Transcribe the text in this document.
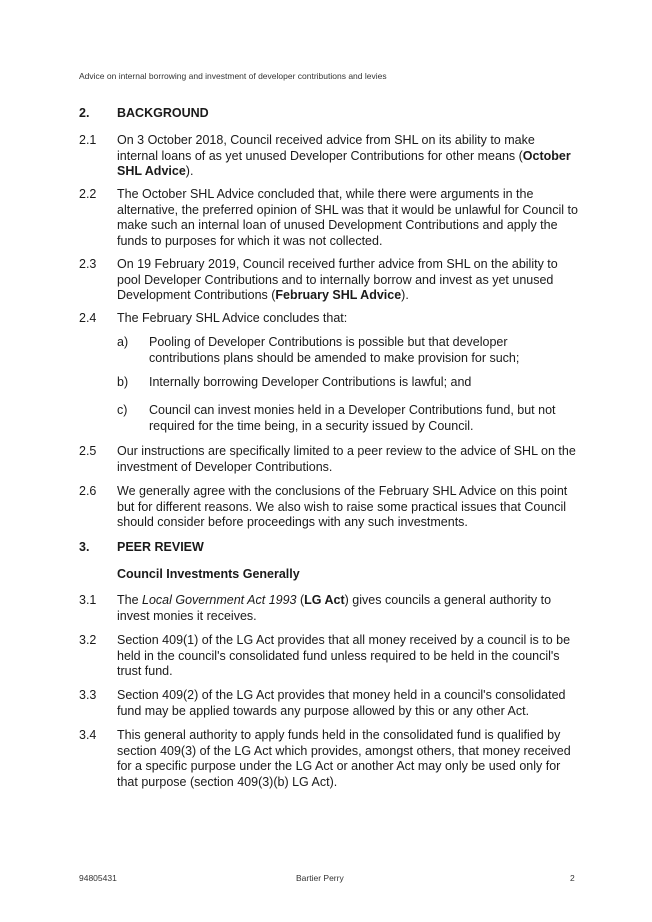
Advice on internal borrowing and investment of developer contributions and levies
2. BACKGROUND
2.1 On 3 October 2018, Council received advice from SHL on its ability to make internal loans of as yet unused Developer Contributions for other means (October SHL Advice).
2.2 The October SHL Advice concluded that, while there were arguments in the alternative, the preferred opinion of SHL was that it would be unlawful for Council to make such an internal loan of unused Development Contributions and apply the funds to purposes for which it was not collected.
2.3 On 19 February 2019, Council received further advice from SHL on the ability to pool Developer Contributions and to internally borrow and invest as yet unused Development Contributions (February SHL Advice).
2.4 The February SHL Advice concludes that:
a) Pooling of Developer Contributions is possible but that developer contributions plans should be amended to make provision for such;
b) Internally borrowing Developer Contributions is lawful; and
c) Council can invest monies held in a Developer Contributions fund, but not required for the time being, in a security issued by Council.
2.5 Our instructions are specifically limited to a peer review to the advice of SHL on the investment of Developer Contributions.
2.6 We generally agree with the conclusions of the February SHL Advice on this point but for different reasons. We also wish to raise some practical issues that Council should consider before proceedings with any such investments.
3. PEER REVIEW
Council Investments Generally
3.1 The Local Government Act 1993 (LG Act) gives councils a general authority to invest monies it receives.
3.2 Section 409(1) of the LG Act provides that all money received by a council is to be held in the council's consolidated fund unless required to be held in the council's trust fund.
3.3 Section 409(2) of the LG Act provides that money held in a council's consolidated fund may be applied towards any purpose allowed by this or any other Act.
3.4 This general authority to apply funds held in the consolidated fund is qualified by section 409(3) of the LG Act which provides, amongst others, that money received for a specific purpose under the LG Act or another Act may only be used only for that purpose (section 409(3)(b) LG Act).
94805431	Bartier Perry	2
